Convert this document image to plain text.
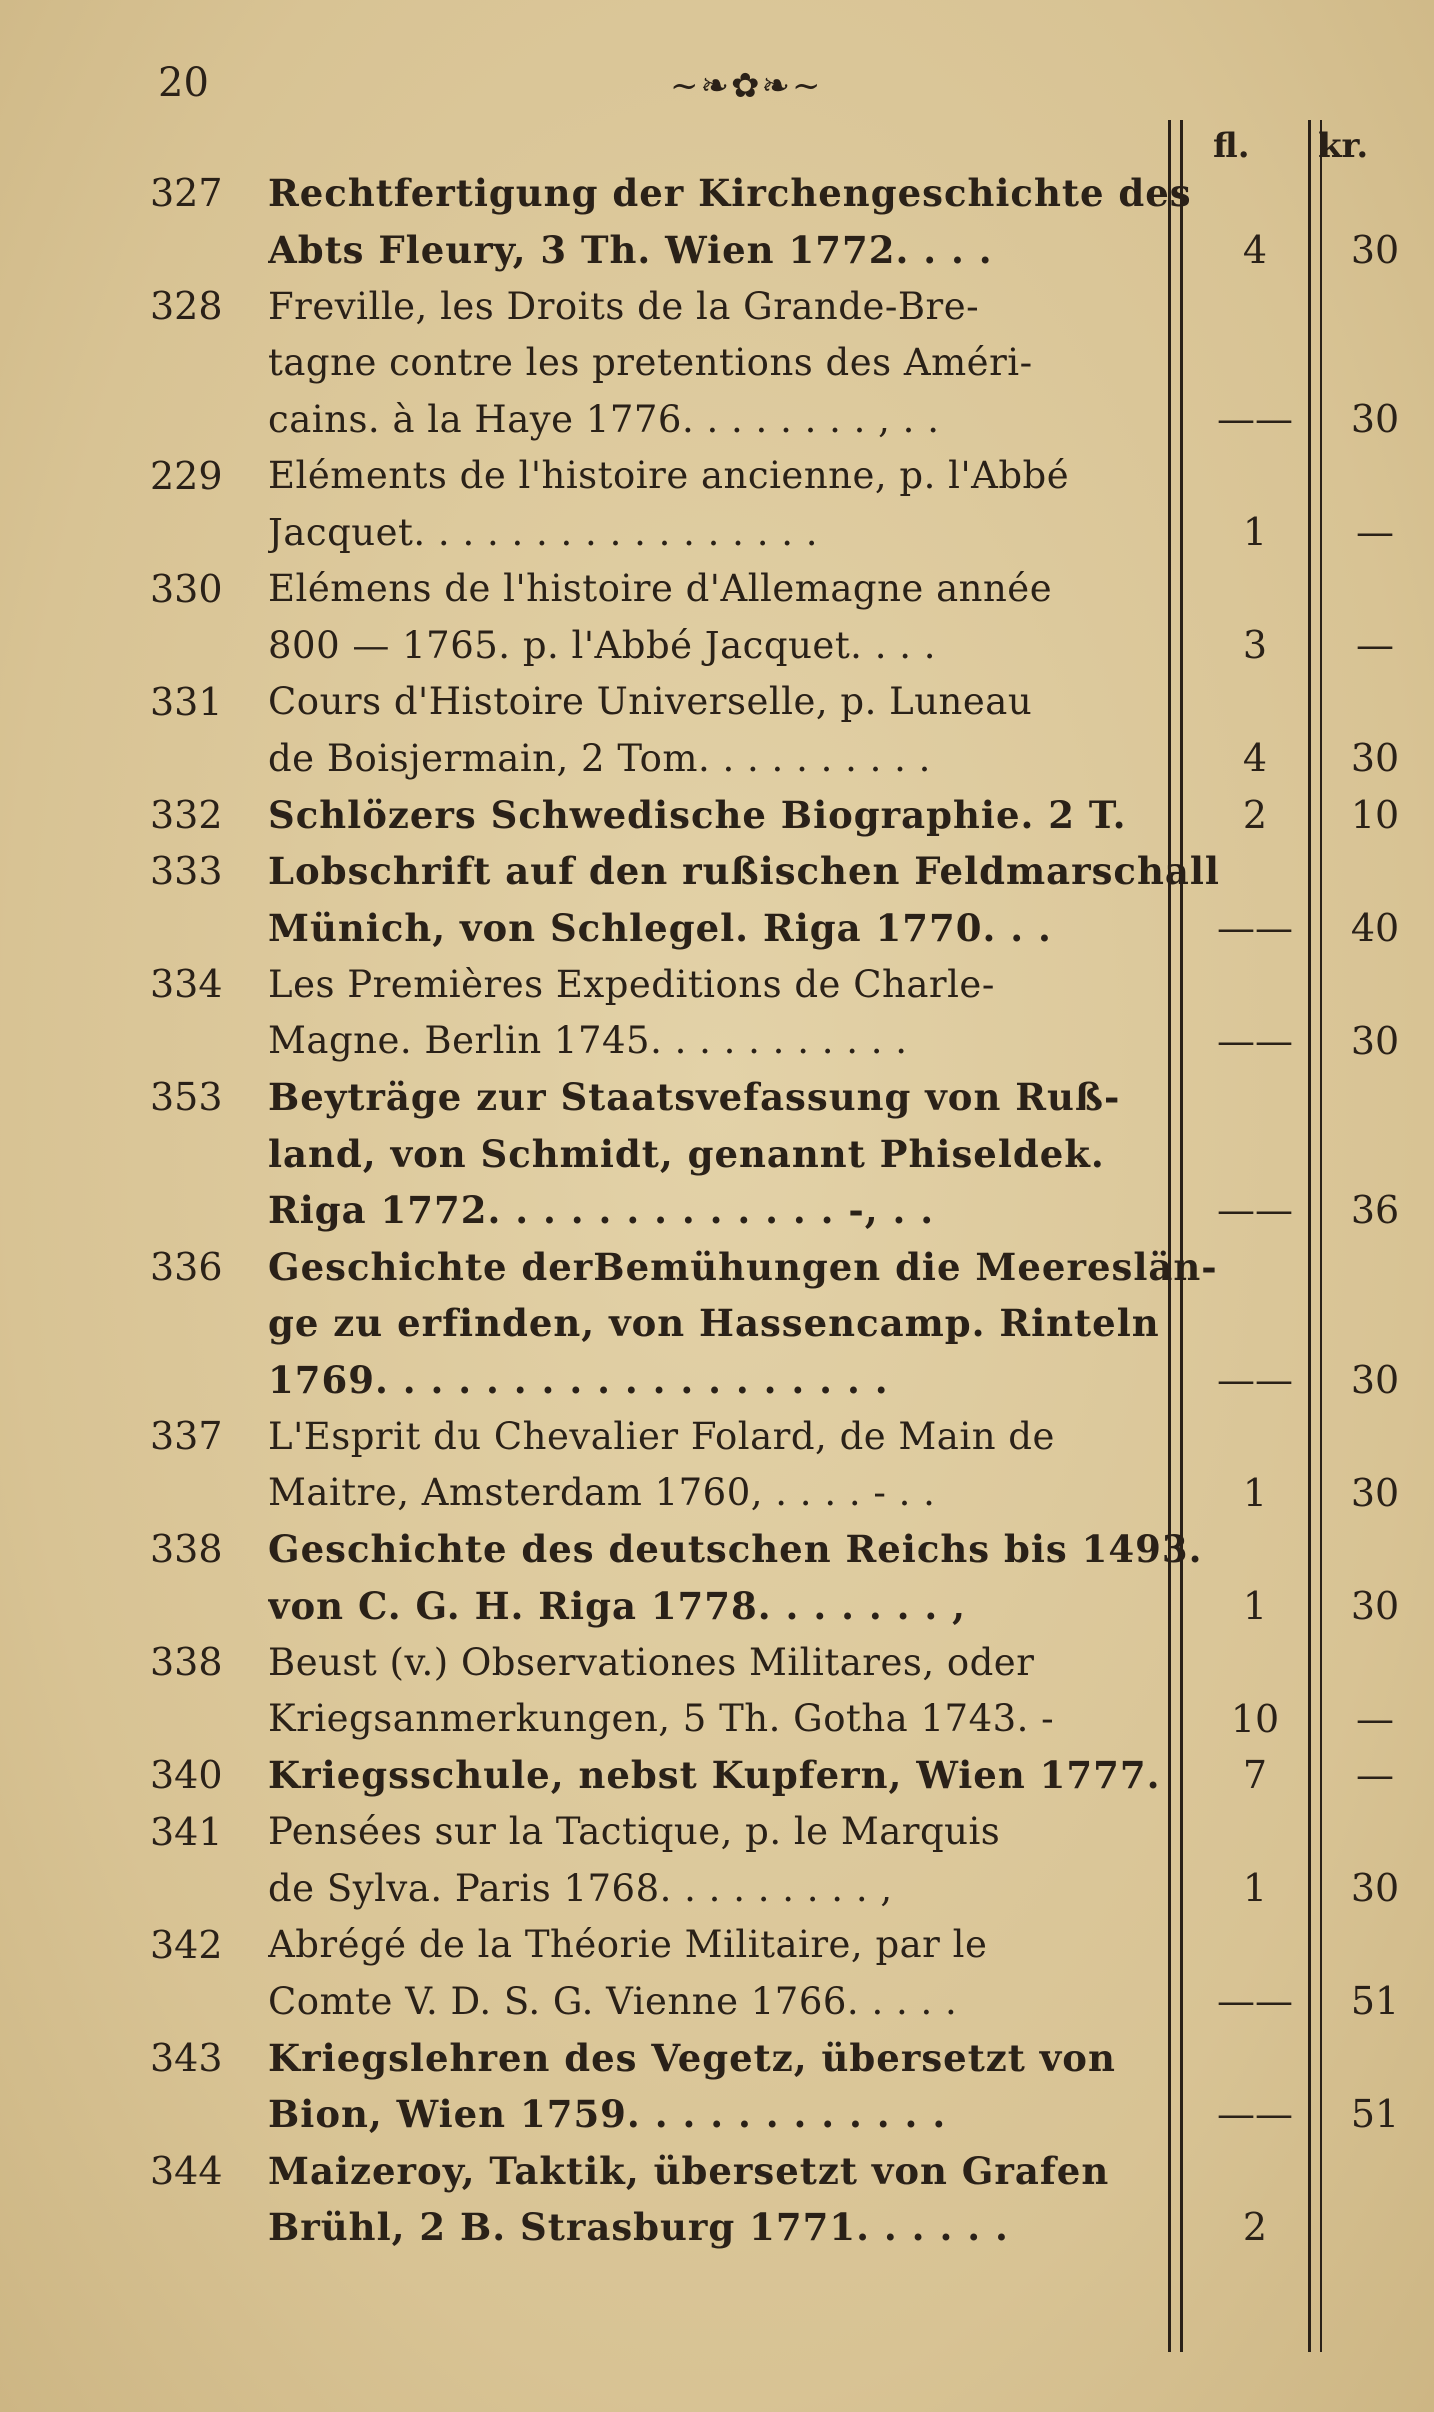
20	~❧✿❧~
fl. kr.
327	Rechtfertigung der Kirchengeschichte des
Abts Fleury, 3 Th. Wien 1772. . . .	4	30
328	Freville, les Droits de la Grande-Bre-
tagne contre les pretentions des Améri-
cains. à la Haye 1776. . . . . . . . , . .	——	30
229	Eléments de l'histoire ancienne, p. l'Abbé
Jacquet. . . . . . . . . . . . . . . . .	1	—
330	Elémens de l'histoire d'Allemagne année
800 — 1765. p. l'Abbé Jacquet. . . .	3	—
331	Cours d'Histoire Universelle, p. Luneau
de Boisjermain, 2 Tom. . . . . . . . . .	4	30
332	Schlözers Schwedische Biographie. 2 T.	2	10
333	Lobschrift auf den rußischen Feldmarschall
Münich, von Schlegel. Riga 1770. . .	——	40
334	Les Premières Expeditions de Charle-
Magne. Berlin 1745. . . . . . . . . . .	——	30
353	Beyträge zur Staatsvefassung von Ruß-
land, von Schmidt, genannt Phiseldek.
Riga 1772. . . . . . . . . . . . . -, . .	——	36
336	Geschichte derBemühungen die Meereslän-
ge zu erfinden, von Hassencamp. Rinteln
1769. . . . . . . . . . . . . . . . . . .	——	30
337	L'Esprit du Chevalier Folard, de Main de
Maitre, Amsterdam 1760, . . . . - . .	1	30
338	Geschichte des deutschen Reichs bis 1493.
von C. G. H. Riga 1778. . . . . . . ,	1	30
338	Beust (v.) Observationes Militares, oder
Kriegsanmerkungen, 5 Th. Gotha 1743. -	10	—
340	Kriegsschule, nebst Kupfern, Wien 1777.	7	—
341	Pensées sur la Tactique, p. le Marquis
de Sylva. Paris 1768. . . . . . . . . ,	1	30
342	Abrégé de la Théorie Militaire, par le
Comte V. D. S. G. Vienne 1766. . . . .	——	51
343	Kriegslehren des Vegetz, übersetzt von
Bion, Wien 1759. . . . . . . . . . . .	——	51
344	Maizeroy, Taktik, übersetzt von Grafen
Brühl, 2 B. Strasburg 1771. . . . . .	2
